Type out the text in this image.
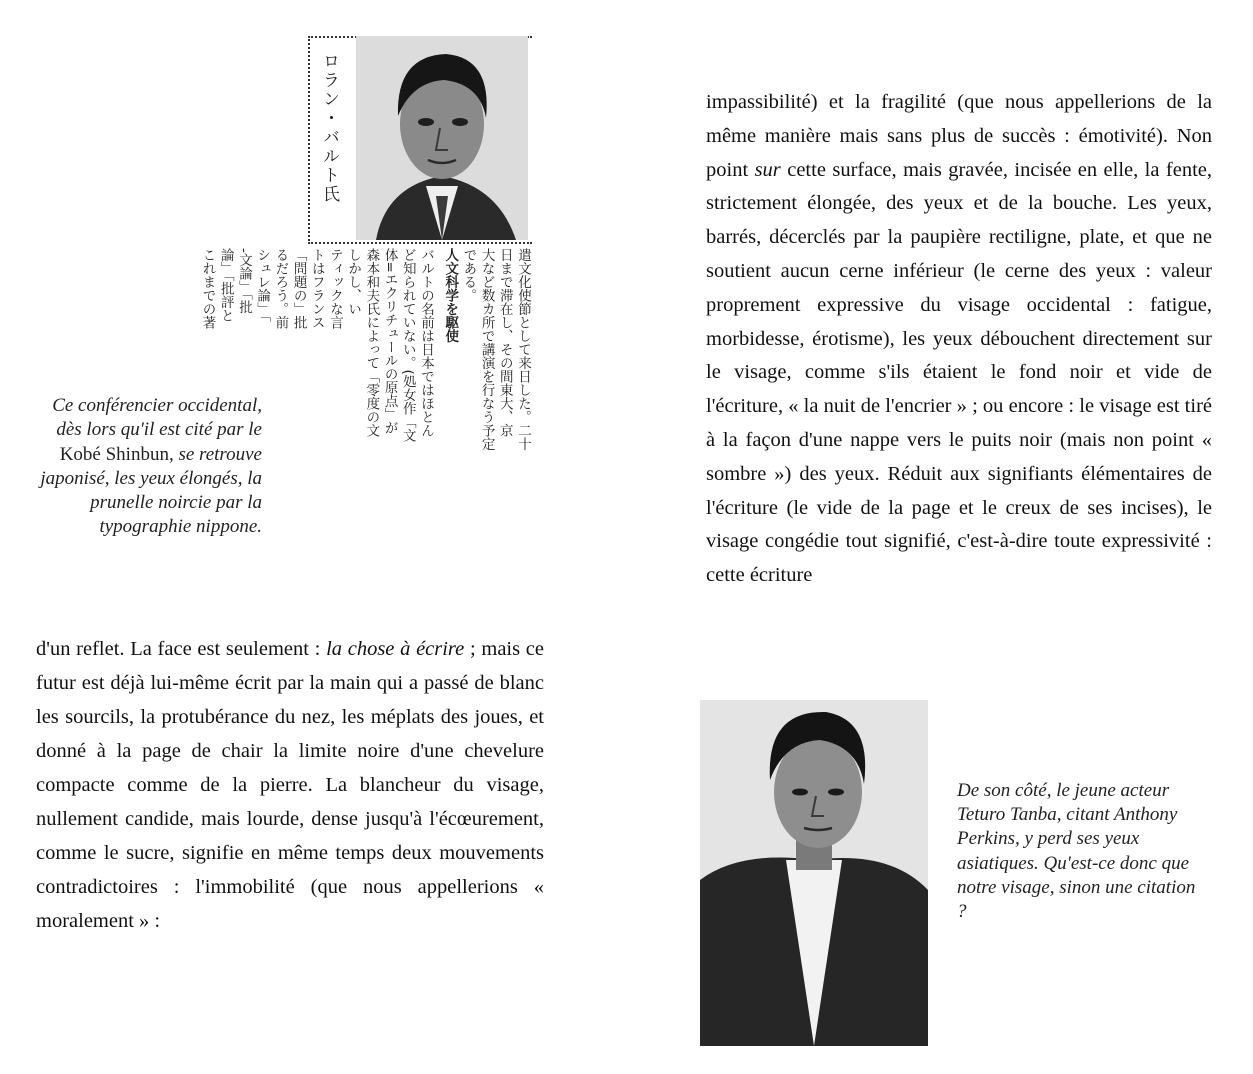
ロラン・バルト氏
遣文化使節として来日した。二十
日まで滞在し、その間東大、京
大など数カ所で講演を行なう予定
である。
人文科学を駆使
バルトの名前は日本ではほとん
ど知られていない。(処女作「文
体=エクリチュールの原点」が
森本和夫氏によって「零度の文
しかし、い
ティックな言
トはフランス
「問題の」批
るだろう。前
シュレ論」「
-文論」「批
論」「批評と
これまでの著
Ce conférencier occidental, dès lors qu'il est cité par le Kobé Shinbun, se retrouve japonisé, les yeux élongés, la prunelle noircie par la typographie nippone.

d'un reflet. La face est seulement : la chose à écrire ; mais ce futur est déjà lui-même écrit par la main qui a passé de blanc les sourcils, la protubérance du nez, les méplats des joues, et donné à la page de chair la limite noire d'une chevelure compacte comme de la pierre. La blancheur du visage, nullement candide, mais lourde, dense jusqu'à l'écœurement, comme le sucre, signifie en même temps deux mouvements contradictoires : l'immobilité (que nous appellerions « moralement » :

impassibilité) et la fragilité (que nous appellerions de la même manière mais sans plus de succès : émotivité). Non point sur cette surface, mais gravée, incisée en elle, la fente, strictement élongée, des yeux et de la bouche. Les yeux, barrés, décerclés par la paupière rectiligne, plate, et que ne soutient aucun cerne inférieur (le cerne des yeux : valeur proprement expressive du visage occidental : fatigue, morbidesse, érotisme), les yeux débouchent directement sur le visage, comme s'ils étaient le fond noir et vide de l'écriture, « la nuit de l'encrier » ; ou encore : le visage est tiré à la façon d'une nappe vers le puits noir (mais non point « sombre ») des yeux. Réduit aux signifiants élémentaires de l'écriture (le vide de la page et le creux de ses incises), le visage congédie tout signifié, c'est-à-dire toute expressivité : cette écriture

De son côté, le jeune acteur Teturo Tanba, citant Anthony Perkins, y perd ses yeux asiatiques. Qu'est-ce donc que notre visage, sinon une citation ?
